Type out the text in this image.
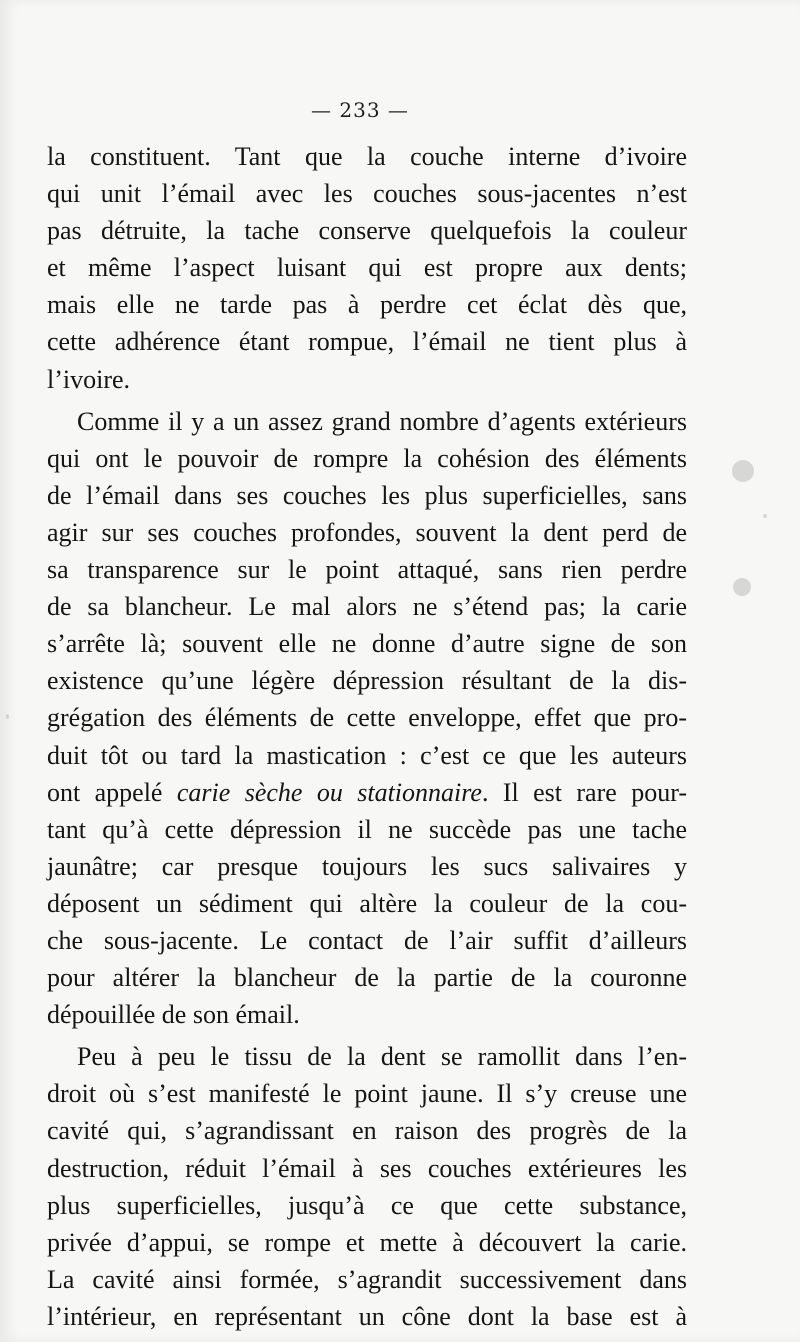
— 233 —
la constituent. Tant que la couche interne d’ivoire
qui unit l’émail avec les couches sous-jacentes n’est
pas détruite, la tache conserve quelquefois la couleur
et même l’aspect luisant qui est propre aux dents;
mais elle ne tarde pas à perdre cet éclat dès que,
cette adhérence étant rompue, l’émail ne tient plus à
l’ivoire.
Comme il y a un assez grand nombre d’agents extérieurs
qui ont le pouvoir de rompre la cohésion des éléments
de l’émail dans ses couches les plus superficielles, sans
agir sur ses couches profondes, souvent la dent perd de
sa transparence sur le point attaqué, sans rien perdre
de sa blancheur. Le mal alors ne s’étend pas; la carie
s’arrête là; souvent elle ne donne d’autre signe de son
existence qu’une légère dépression résultant de la dis-
grégation des éléments de cette enveloppe, effet que pro-
duit tôt ou tard la mastication : c’est ce que les auteurs
ont appelé carie sèche ou stationnaire. Il est rare pour-
tant qu’à cette dépression il ne succède pas une tache
jaunâtre; car presque toujours les sucs salivaires y
déposent un sédiment qui altère la couleur de la cou-
che sous-jacente. Le contact de l’air suffit d’ailleurs
pour altérer la blancheur de la partie de la couronne
dépouillée de son émail.
Peu à peu le tissu de la dent se ramollit dans l’en-
droit où s’est manifesté le point jaune. Il s’y creuse une
cavité qui, s’agrandissant en raison des progrès de la
destruction, réduit l’émail à ses couches extérieures les
plus superficielles, jusqu’à ce que cette substance,
privée d’appui, se rompe et mette à découvert la carie.
La cavité ainsi formée, s’agrandit successivement dans
l’intérieur, en représentant un cône dont la base est à
